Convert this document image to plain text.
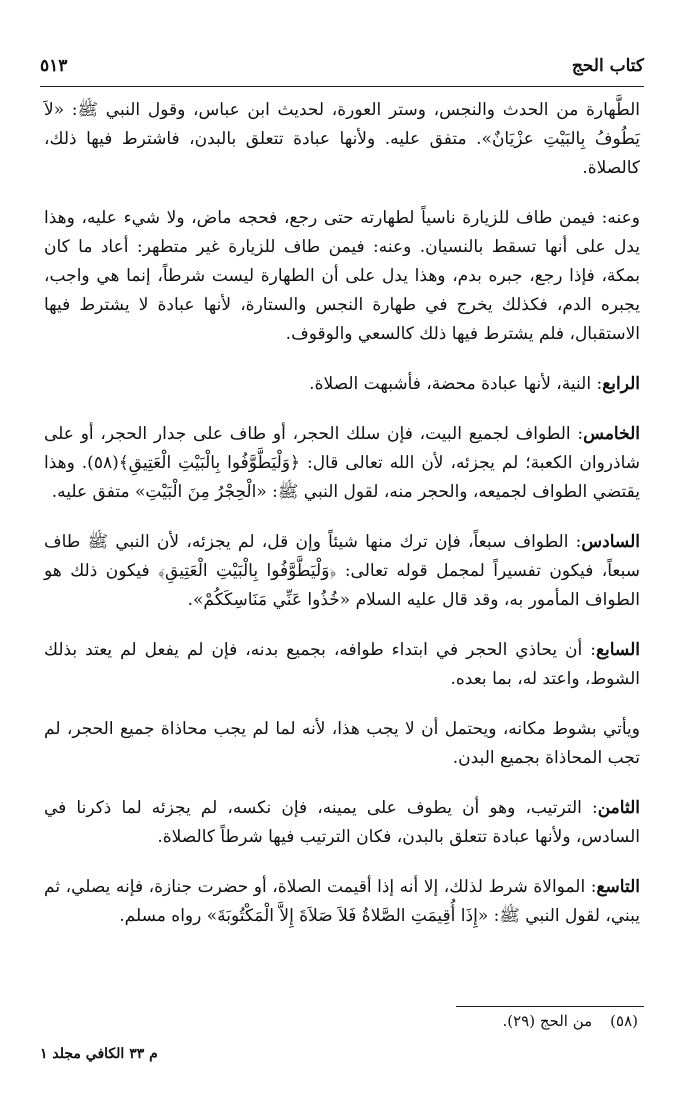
كتاب الحج
٥١٣

الطَّهارة من الحدث والنجس، وستر العورة، لحديث ابن عباس، وقول النبي ﷺ: «لاَ يَطُوفُ بِالبَيْتِ عزْيَانٌ». متفق عليه. ولأنها عبادة تتعلق بالبدن، فاشترط فيها ذلك، كالصلاة.

وعنه: فيمن طاف للزيارة ناسياً لطهارته حتى رجع، فحجه ماض، ولا شيء عليه، وهذا يدل على أنها تسقط بالنسيان. وعنه: فيمن طاف للزيارة غير متطهر: أعاد ما كان بمكة، فإذا رجع، جبره بدم، وهذا يدل على أن الطهارة ليست شرطاً، إنما هي واجب، يجبره الدم، فكذلك يخرج في طهارة النجس والستارة، لأنها عبادة لا يشترط فيها الاستقبال، فلم يشترط فيها ذلك كالسعي والوقوف.

الرابع: النية، لأنها عبادة محضة، فأشبهت الصلاة.

الخامس: الطواف لجميع البيت، فإن سلك الحجر، أو طاف على جدار الحجر، أو على شاذروان الكعبة؛ لم يجزئه، لأن الله تعالى قال: ﴿وَلْيَطَّوَّفُوا بِالْبَيْتِ الْعَتِيقِ﴾(٥٨). وهذا يقتضي الطواف لجميعه، والحجر منه، لقول النبي ﷺ: «الْحِجْرُ مِنَ الْبَيْتِ» متفق عليه.

السادس: الطواف سبعاً، فإن ترك منها شيئاً وإن قل، لم يجزئه، لأن النبي ﷺ طاف سبعاً، فيكون تفسيراً لمجمل قوله تعالى: ﴿وَلْيَطَّوَّفُوا بِالْبَيْتِ الْعَتِيقِ﴾ فيكون ذلك هو الطواف المأمور به، وقد قال عليه السلام «خُذُوا عَنِّي مَنَاسِكَكُمْ».

السابع: أن يحاذي الحجر في ابتداء طوافه، بجميع بدنه، فإن لم يفعل لم يعتد بذلك الشوط، واعتد له، بما بعده.

ويأتي بشوط مكانه، ويحتمل أن لا يجب هذا، لأنه لما لم يجب محاذاة جميع الحجر، لم تجب المحاذاة بجميع البدن.

الثامن: الترتيب، وهو أن يطوف على يمينه، فإن نكسه، لم يجزئه لما ذكرنا في السادس، ولأنها عبادة تتعلق بالبدن، فكان الترتيب فيها شرطاً كالصلاة.

التاسع: الموالاة شرط لذلك، إلا أنه إذا أقيمت الصلاة، أو حضرت جنازة، فإنه يصلي، ثم يبني، لقول النبي ﷺ: «إِذَا أُقِيمَتِ الصَّلاةُ فَلاَ صَلاَةَ إِلاَّ الْمَكْتُوبَةَ» رواه مسلم.

(٥٨)من الحج (٢٩).
م ٣٣ الكافي مجلد ١
